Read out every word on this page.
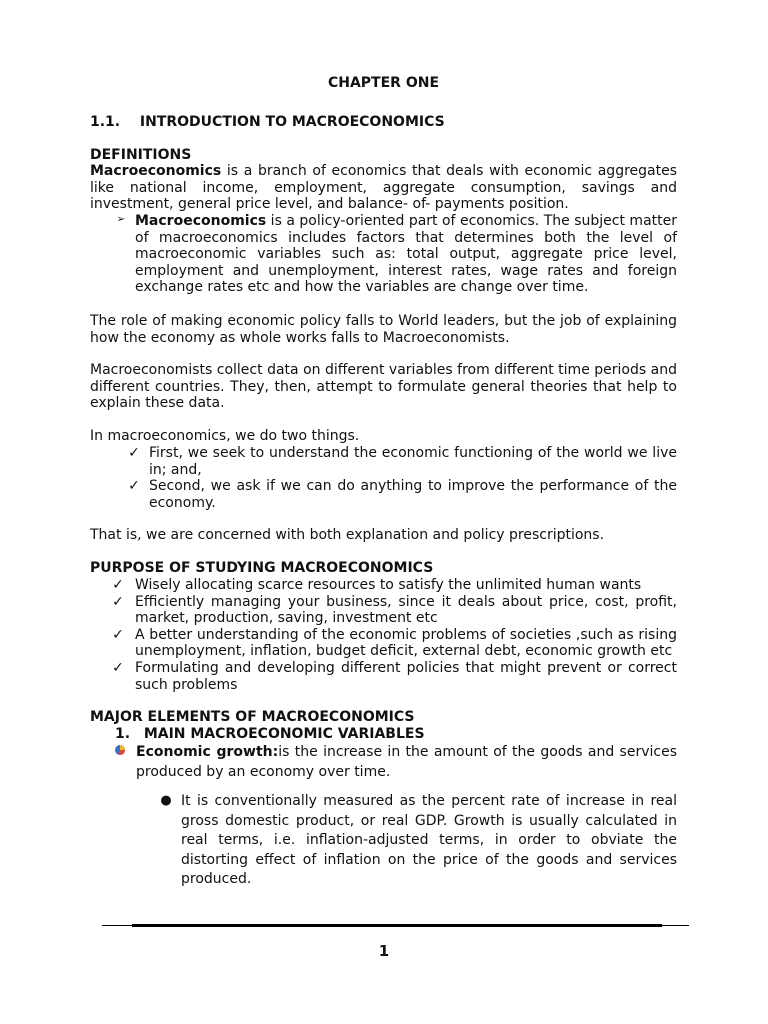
CHAPTER ONE
1.1. INTRODUCTION TO MACROECONOMICS
DEFINITIONS
Macroeconomics is a branch of economics that deals with economic aggregates like national income, employment, aggregate consumption, savings and investment, general price level, and balance- of- payments position.
➢ Macroeconomics is a policy-oriented part of economics. The subject matter of macroeconomics includes factors that determines both the level of macroeconomic variables such as: total output, aggregate price level, employment and unemployment, interest rates, wage rates and foreign exchange rates etc and how the variables are change over time.
The role of making economic policy falls to World leaders, but the job of explaining how the economy as whole works falls to Macroeconomists.
Macroeconomists collect data on different variables from different time periods and different countries. They, then, attempt to formulate general theories that help to explain these data.
In macroeconomics, we do two things.
✓ First, we seek to understand the economic functioning of the world we live in; and,
✓ Second, we ask if we can do anything to improve the performance of the economy.
That is, we are concerned with both explanation and policy prescriptions.
PURPOSE OF STUDYING MACROECONOMICS
✓ Wisely allocating scarce resources to satisfy the unlimited human wants
✓ Efficiently managing your business, since it deals about price, cost, profit, market, production, saving, investment etc
✓ A better understanding of the economic problems of societies ,such as rising unemployment, inflation, budget deficit, external debt, economic growth etc
✓ Formulating and developing different policies that might prevent or correct such problems
MAJOR ELEMENTS OF MACROECONOMICS
1. MAIN MACROECONOMIC VARIABLES
Economic growth:is the increase in the amount of the goods and services produced by an economy over time.
● It is conventionally measured as the percent rate of increase in real gross domestic product, or real GDP. Growth is usually calculated in real terms, i.e. inflation-adjusted terms, in order to obviate the distorting effect of inflation on the price of the goods and services produced.
1
